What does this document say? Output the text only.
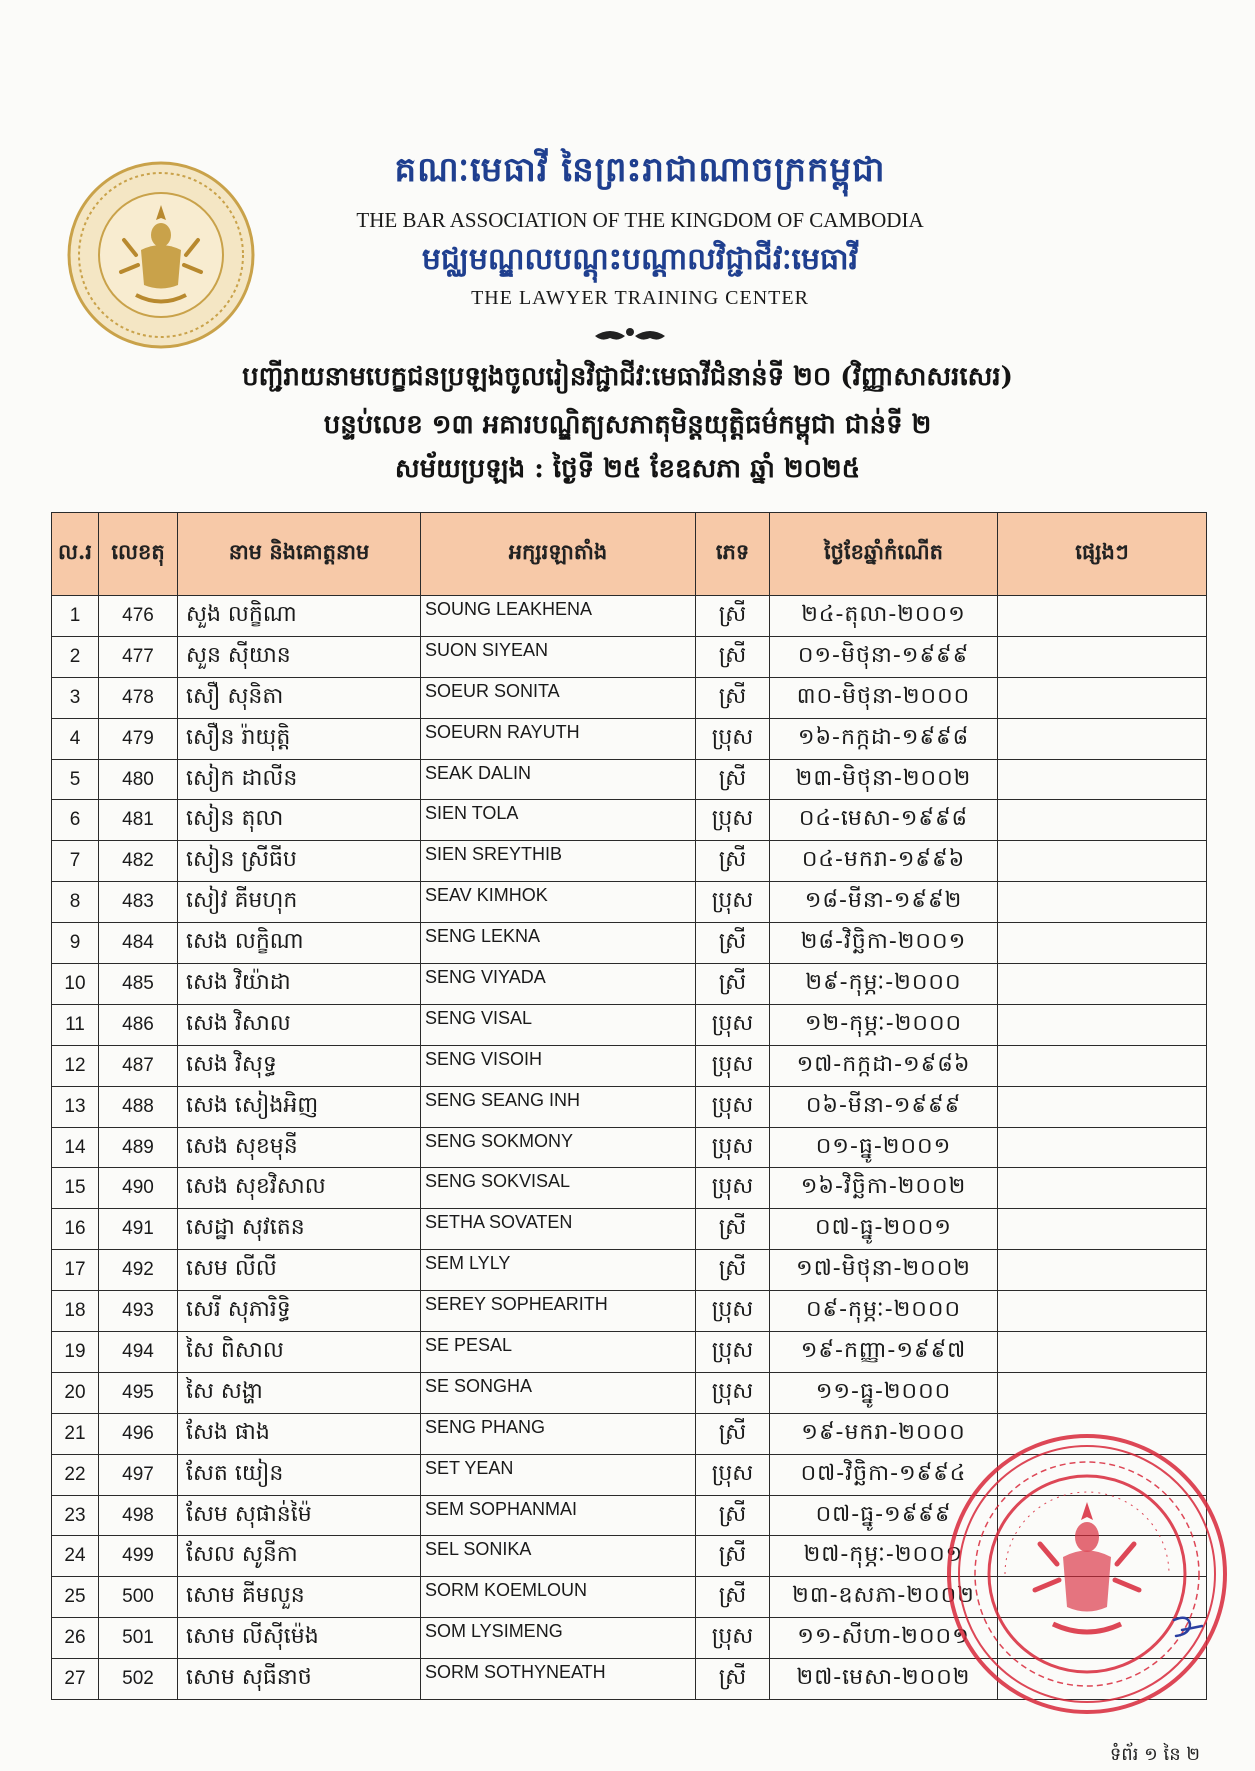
គណៈមេធាវី នៃព្រះរាជាណាចក្រកម្ពុជា
THE BAR ASSOCIATION OF THE KINGDOM OF CAMBODIA
មជ្ឈមណ្ឌលបណ្តុះបណ្តាលវិជ្ជាជីវៈមេធាវី
THE LAWYER TRAINING CENTER
បញ្ជីរាយនាមបេក្ខជនប្រឡងចូលរៀនវិជ្ជាជីវៈមេធាវីជំនាន់ទី ២០ (វិញ្ញាសាសរសេរ)
បន្ទប់លេខ ១៣ អគារបណ្ឌិត្យសភាតុមិន្តយុត្តិធម៌កម្ពុជា ជាន់ទី ២
សម័យប្រឡង : ថ្ងៃទី ២៥ ខែឧសភា ឆ្នាំ ២០២៥
ល.រ	លេខតុ	នាម និងគោត្តនាម	អក្សរឡាតាំង	ភេទ	ថ្ងៃខែឆ្នាំកំណើត	ផ្សេងៗ
1	476	សួង លក្ខិណា	SOUNG LEAKHENA	ស្រី	២៤-តុលា-២០០១	
2	477	សួន ស៊ីយាន	SUON SIYEAN	ស្រី	០១-មិថុនា-១៩៩៩	
3	478	សឿ សុនិតា	SOEUR SONITA	ស្រី	៣០-មិថុនា-២០០០	
4	479	សឿន រ៉ាយុត្តិ	SOEURN RAYUTH	ប្រុស	១៦-កក្កដា-១៩៩៨	
5	480	សៀក ដាលីន	SEAK DALIN	ស្រី	២៣-មិថុនា-២០០២	
6	481	សៀន តុលា	SIEN TOLA	ប្រុស	០៤-មេសា-១៩៩៨	
7	482	សៀន ស្រីធីប	SIEN SREYTHIB	ស្រី	០៤-មករា-១៩៩៦	
8	483	សៀវ គីមហុក	SEAV KIMHOK	ប្រុស	១៨-មីនា-១៩៩២	
9	484	សេង លក្ខិណា	SENG LEKNA	ស្រី	២៨-វិច្ឆិកា-២០០១	
10	485	សេង វិយ៉ាដា	SENG VIYADA	ស្រី	២៩-កុម្ភៈ-២០០០	
11	486	សេង វិសាល	SENG VISAL	ប្រុស	១២-កុម្ភៈ-២០០០	
12	487	សេង វិសុទ្ធ	SENG VISOIH	ប្រុស	១៧-កក្កដា-១៩៨៦	
13	488	សេង សៀងអិញ	SENG SEANG INH	ប្រុស	០៦-មីនា-១៩៩៩	
14	489	សេង សុខមុនី	SENG SOKMONY	ប្រុស	០១-ធ្នូ-២០០១	
15	490	សេង សុខវិសាល	SENG SOKVISAL	ប្រុស	១៦-វិច្ឆិកា-២០០២	
16	491	សេដ្ឋា សុវតេន	SETHA SOVATEN	ស្រី	០៧-ធ្នូ-២០០១	
17	492	សេម លីលី	SEM LYLY	ស្រី	១៧-មិថុនា-២០០២	
18	493	សេរី សុភារិទ្ធិ	SEREY SOPHEARITH	ប្រុស	០៩-កុម្ភៈ-២០០០	
19	494	សៃ ពិសាល	SE PESAL	ប្រុស	១៩-កញ្ញា-១៩៩៧	
20	495	សៃ សង្ហា	SE SONGHA	ប្រុស	១១-ធ្នូ-២០០០	
21	496	សែង ផាង	SENG PHANG	ស្រី	១៩-មករា-២០០០	
22	497	សែត យៀន	SET YEAN	ប្រុស	០៧-វិច្ឆិកា-១៩៩៤	
23	498	សែម សុផាន់ម៉ៃ	SEM SOPHANMAI	ស្រី	០៧-ធ្នូ-១៩៩៩	
24	499	សែល សូនីកា	SEL SONIKA	ស្រី	២៧-កុម្ភៈ-២០០១	
25	500	សោម គីមលួន	SORM KOEMLOUN	ស្រី	២៣-ឧសភា-២០០២	
26	501	សោម លីស៊ីម៉េង	SOM LYSIMENG	ប្រុស	១១-សីហា-២០០១	
27	502	សោម សុធីនាថ	SORM SOTHYNEATH	ស្រី	២៧-មេសា-២០០២	
ទំព័រ ១ នៃ ២
